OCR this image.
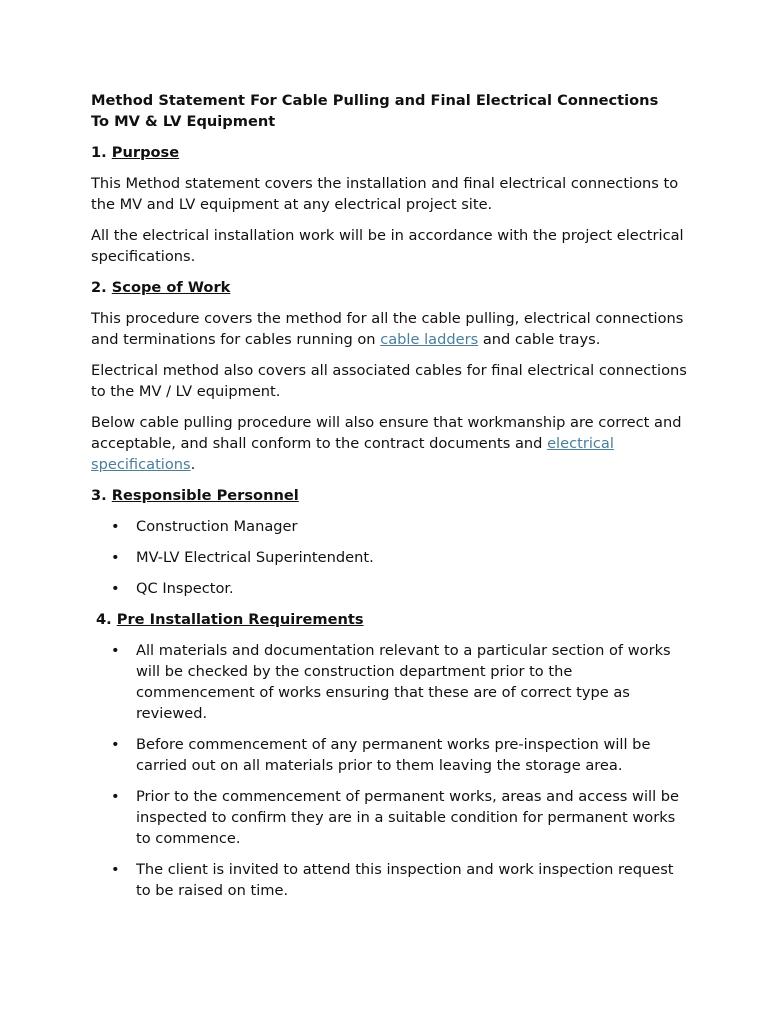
Method Statement For Cable Pulling and Final Electrical Connections
To MV & LV Equipment
1. Purpose

This Method statement covers the installation and final electrical connections to the MV and LV equipment at any electrical project site.

All the electrical installation work will be in accordance with the project electrical specifications.

2. Scope of Work

This procedure covers the method for all the cable pulling, electrical connections and terminations for cables running on cable ladders and cable trays.

Electrical method also covers all associated cables for final electrical connections to the MV / LV equipment.

Below cable pulling procedure will also ensure that workmanship are correct and acceptable, and shall conform to the contract documents and electrical specifications.

3. Responsible Personnel
• Construction Manager
• MV-LV Electrical Superintendent.
• QC Inspector.
4. Pre Installation Requirements
• All materials and documentation relevant to a particular section of works will be checked by the construction department prior to the commencement of works ensuring that these are of correct type as reviewed.
• Before commencement of any permanent works pre-inspection will be carried out on all materials prior to them leaving the storage area.
• Prior to the commencement of permanent works, areas and access will be inspected to confirm they are in a suitable condition for permanent works to commence.
• The client is invited to attend this inspection and work inspection request to be raised on time.
